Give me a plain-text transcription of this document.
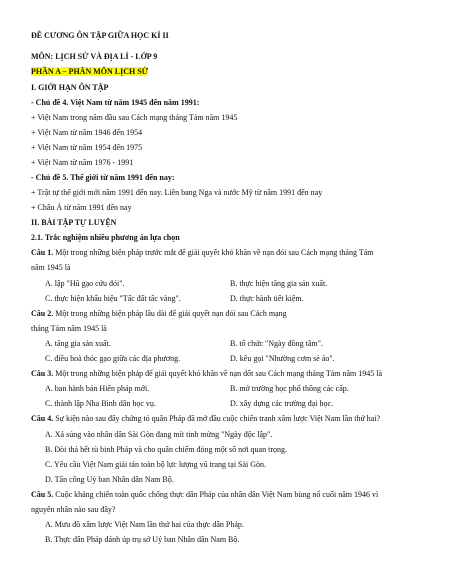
ĐỀ CƯƠNG ÔN TẬP GIỮA HỌC KÌ II
MÔN: LỊCH SỬ VÀ ĐỊA LÍ - LỚP 9
PHẦN A – PHÂN MÔN LỊCH SỬ
I. GIỚI HẠN ÔN TẬP
- Chủ đề 4. Việt Nam từ năm 1945 đến năm 1991:
+ Việt Nam trong năm đầu sau Cách mạng tháng Tám năm 1945
+ Việt Nam từ năm 1946 đến 1954
+ Việt Nam từ năm 1954 đến 1975
+ Việt Nam từ năm 1976 - 1991
- Chủ đề 5. Thế giới từ năm 1991 đến nay:
+ Trật tự thế giới mới năm 1991 đến nay. Liên bang Nga và nước Mỹ từ năm 1991 đến nay
+ Châu Á từ năm 1991 đến nay
II. BÀI TẬP TỰ LUYỆN
2.1. Trắc nghiệm nhiều phương án lựa chọn
Câu 1. Một trong những biện pháp trước mắt để giải quyết khó khăn về nạn đói sau Cách mạng tháng Tám
năm 1945 là
A. lập "Hũ gạo cứu đói".	B. thực hiện tăng gia sản xuất.
C. thực hiện khẩu hiệu "Tấc đất tấc vàng".	D. thực hành tiết kiệm.
Câu 2. Một trong những biện pháp lâu dài để giải quyết nạn đói sau Cách mạng
tháng Tám năm 1945 là
A. tăng gia sản xuất.	B. tổ chức "Ngày đồng tâm".
C. điều hoà thóc gạo giữa các địa phương.	D. kêu gọi "Nhường cơm sẻ áo".
Câu 3. Một trong những biện pháp để giải quyết khó khăn về nạn dốt sau Cách mạng tháng Tám năm 1945 là
A. ban hành bản Hiến pháp mới.	B. mở trường học phổ thông các cấp.
C. thành lập Nha Bình dân học vụ.	D. xây dựng các trường đại học.
Câu 4. Sự kiện nào sau đây chứng tỏ quân Pháp đã mở đầu cuộc chiến tranh xâm lược Việt Nam lần thứ hai?
A. Xả súng vào nhân dân Sài Gòn đang mít tinh mừng "Ngày độc lập".
B. Đòi thả hết tù binh Pháp và cho quân chiếm đóng một số nơi quan trọng.
C. Yêu cầu Việt Nam giải tán toàn bộ lực lượng vũ trang tại Sài Gòn.
D. Tấn công Uỷ ban Nhân dân Nam Bộ.
Câu 5. Cuộc kháng chiến toàn quốc chống thực dân Pháp của nhân dân Việt Nam bùng nổ cuối năm 1946 vì
nguyên nhân nào sau đây?
A. Mưu đồ xâm lược Việt Nam lần thứ hai của thực dân Pháp.
B. Thực dân Pháp đánh úp trụ sở Uỷ ban Nhân dân Nam Bộ.
